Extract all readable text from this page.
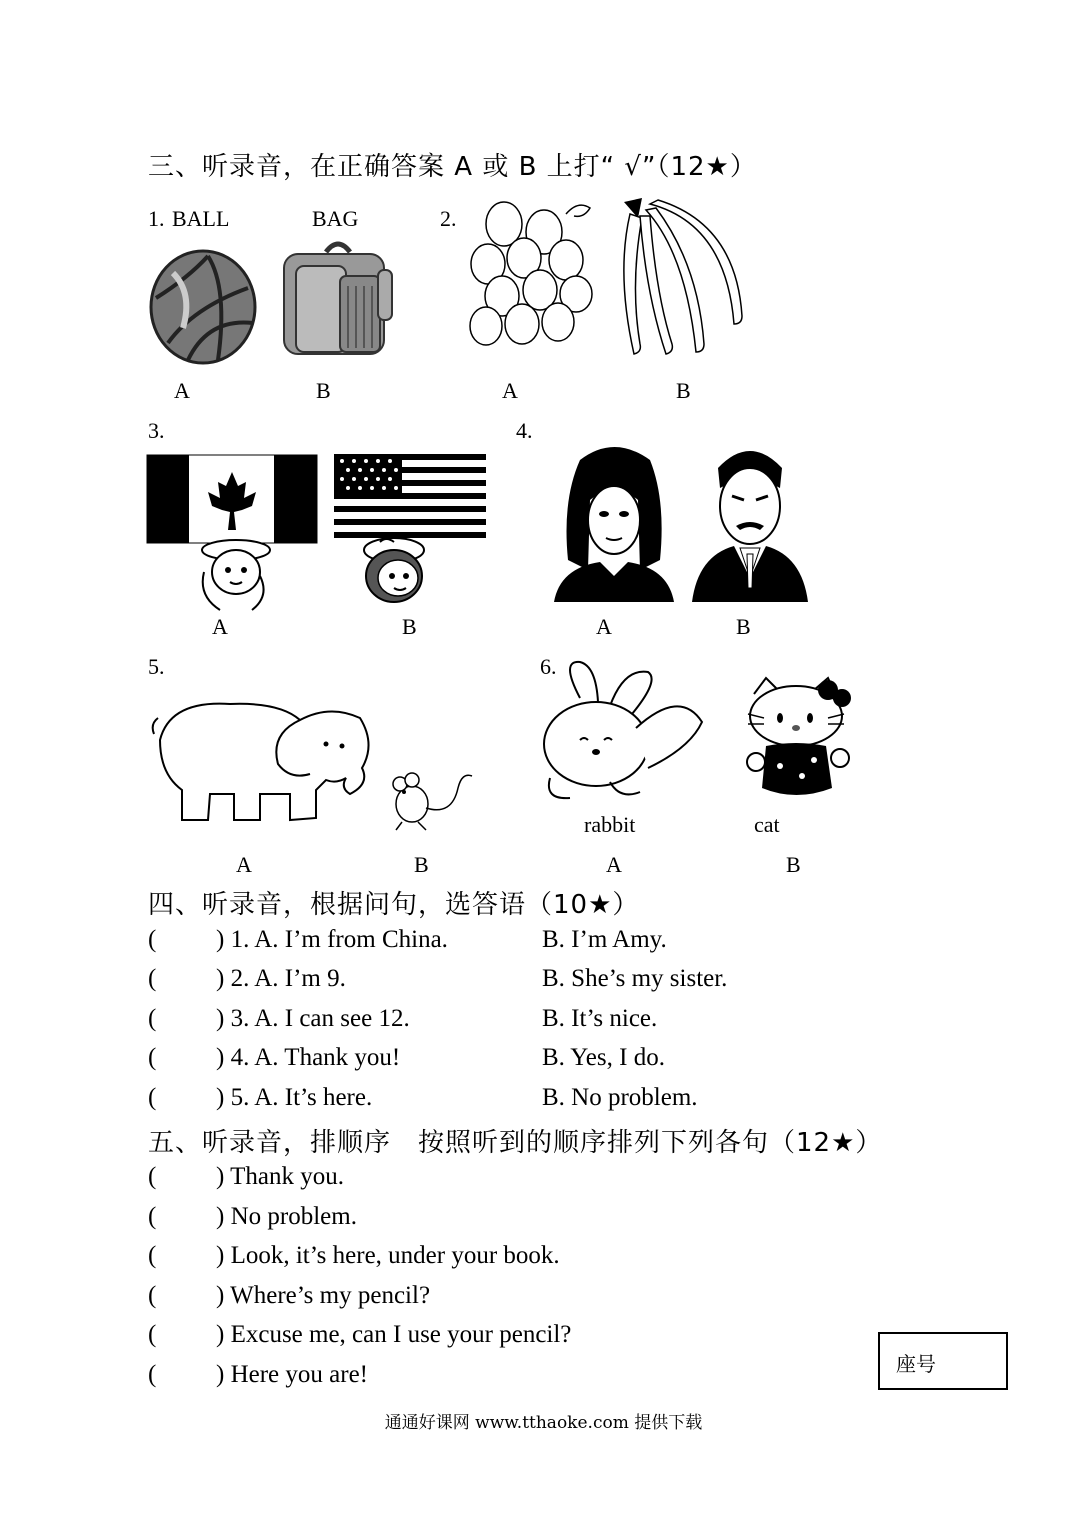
三、听录音，在正确答案 A 或 B 上打“ √”（12★）
1. BALL	BAG
A	B
2.
A	B
3.
A	B
4.
A	B
5.
A	B
6.
rabbit	cat
A	B
四、听录音，根据问句，选答语（10★）
(	) 1. A. I’m from China.	B. I’m Amy.
(	) 2. A. I’m 9.	B. She’s my sister.
(	) 3. A. I can see 12.	B. It’s nice.
(	) 4. A. Thank you!	B. Yes, I do.
(	) 5. A. It’s here.	B. No problem.
五、听录音，排顺序　按照听到的顺序排列下列各句（12★）
(	) Thank you.
(	) No problem.
(	) Look, it’s here, under your book.
(	) Where’s my pencil?
(	) Excuse me, can I use your pencil?
(	) Here you are!	座号
通通好课网 www.tthaoke.com 提供下载
